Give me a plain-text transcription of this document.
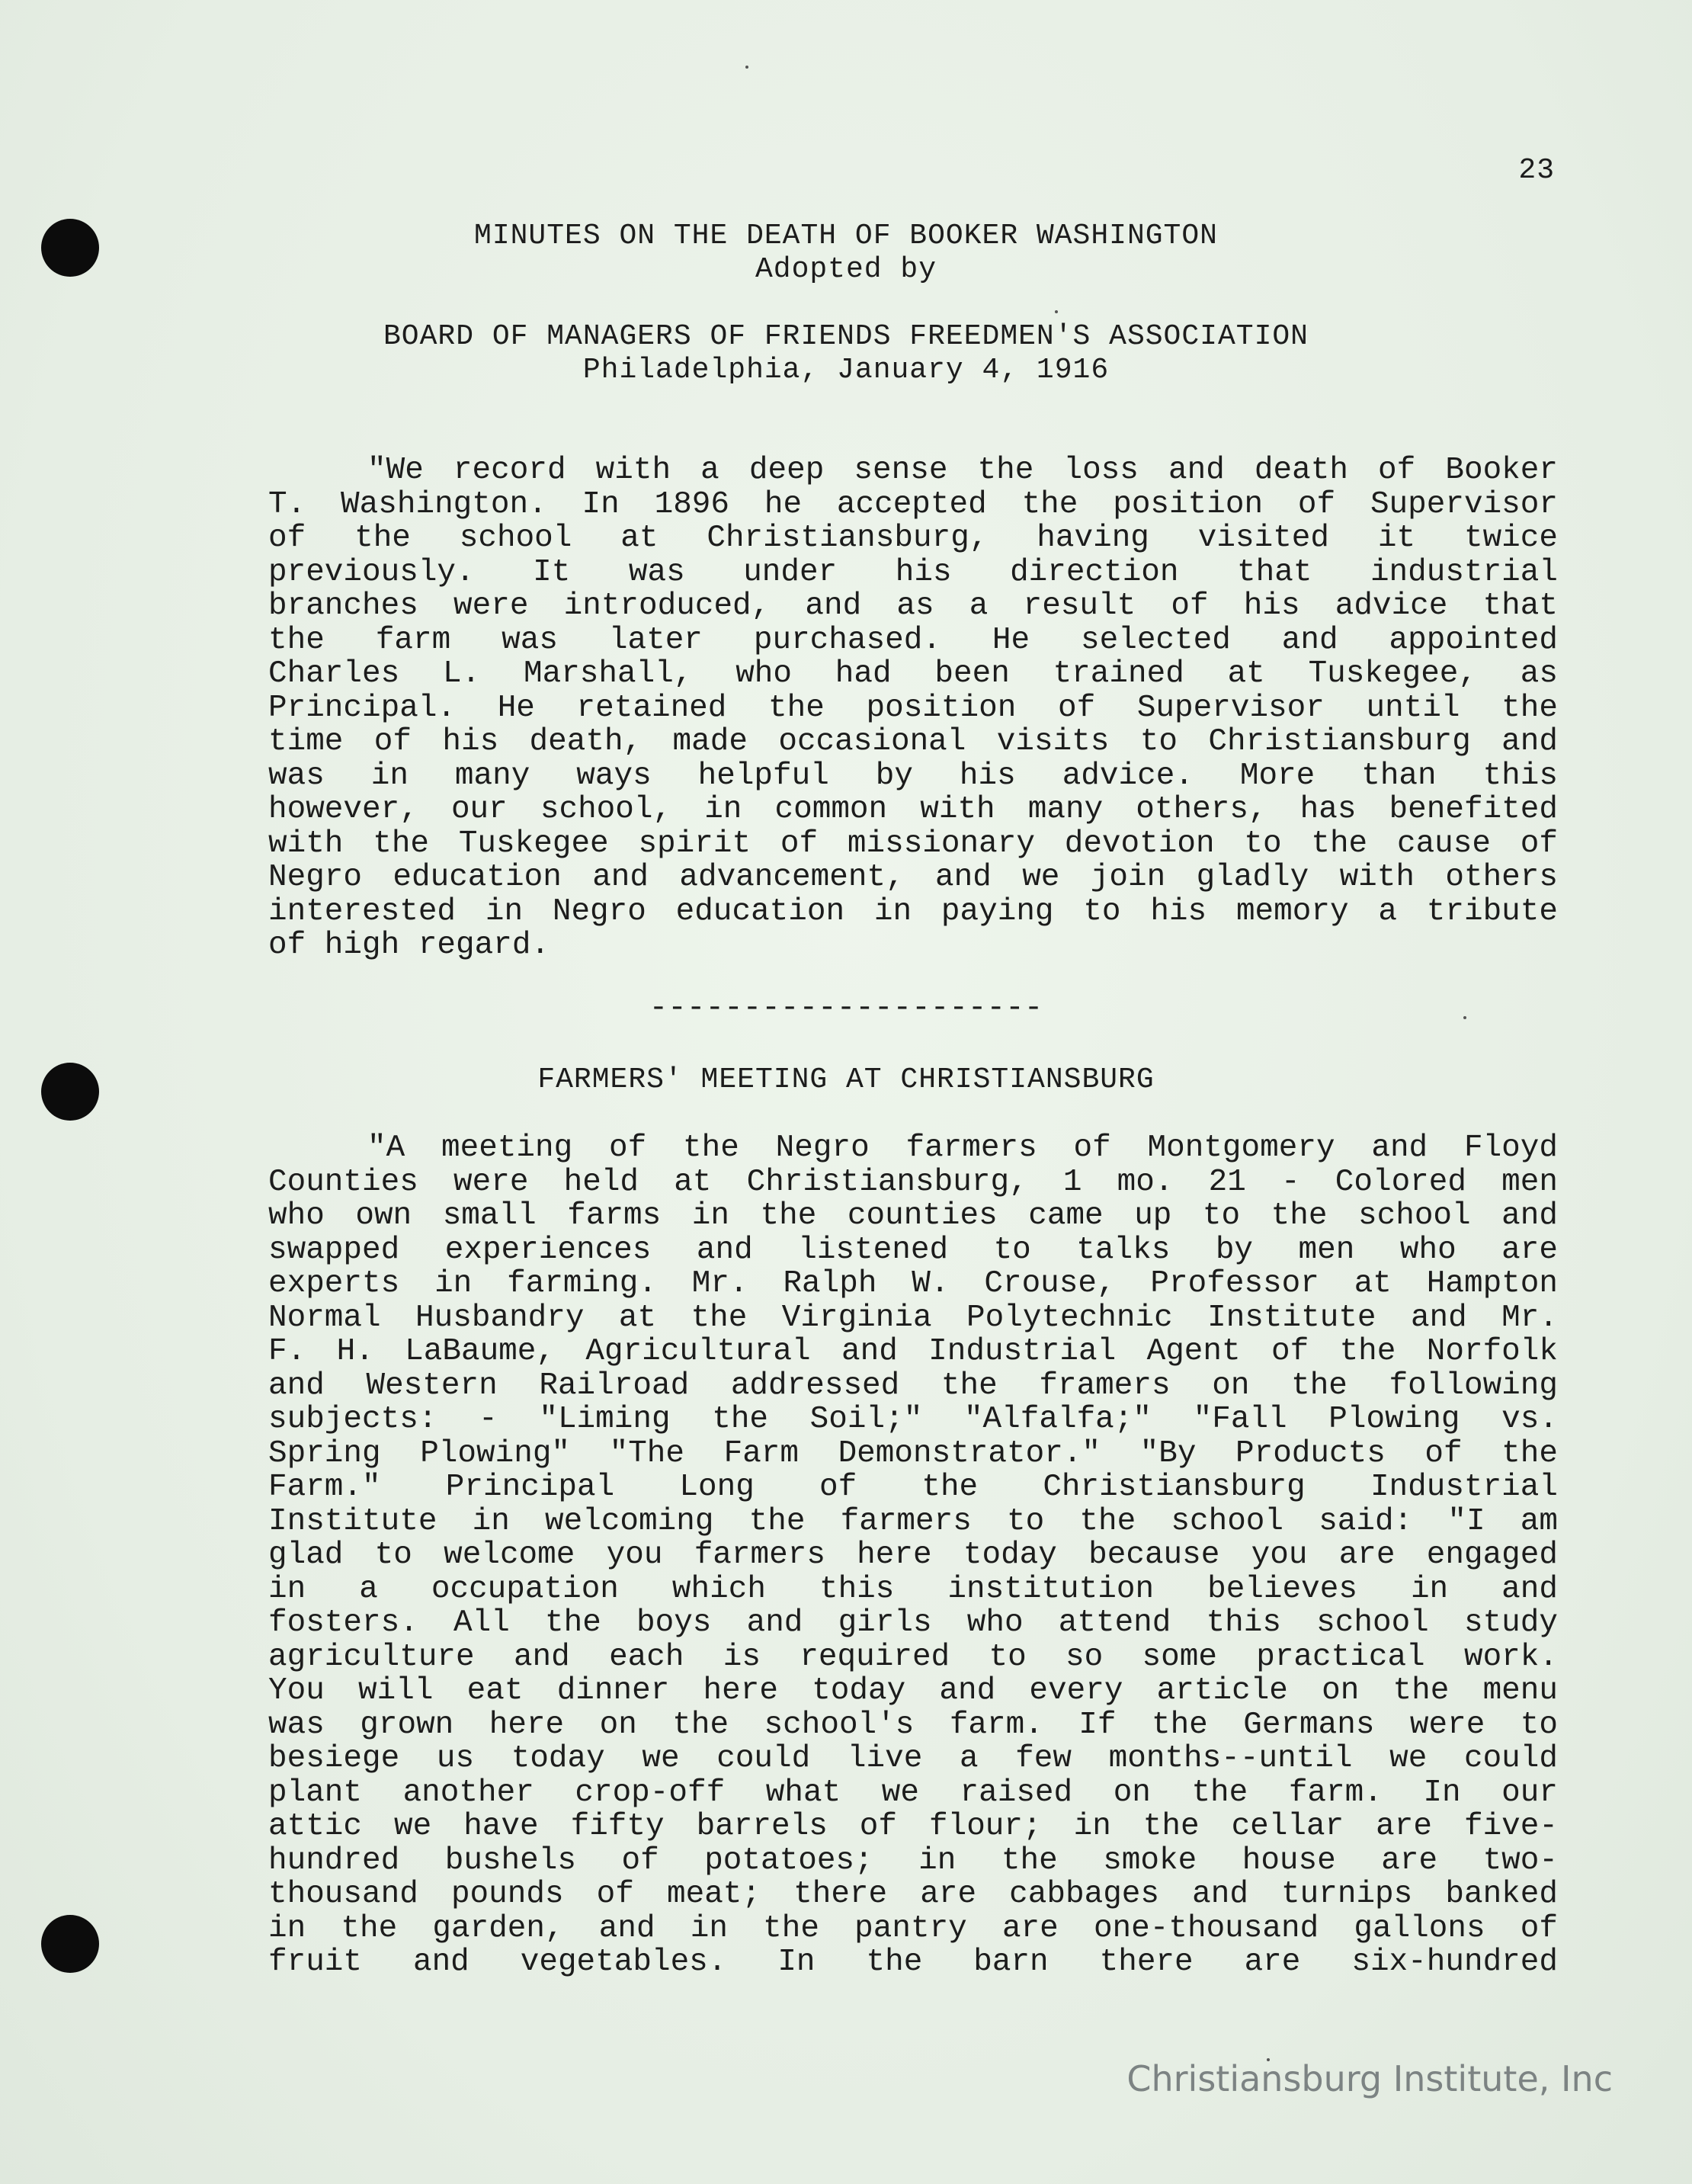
23
MINUTES ON THE DEATH OF BOOKER WASHINGTON
Adopted by
BOARD OF MANAGERS OF FRIENDS FREEDMEN'S ASSOCIATION
Philadelphia, January 4, 1916
"We record with a deep sense the loss and death of Booker
T. Washington. In 1896 he accepted the position of Supervisor
of the school at Christiansburg, having visited it twice
previously. It was under his direction that industrial
branches were introduced, and as a result of his advice that
the farm was later purchased. He selected and appointed
Charles L. Marshall, who had been trained at Tuskegee, as
Principal. He retained the position of Supervisor until the
time of his death, made occasional visits to Christiansburg and
was in many ways helpful by his advice. More than this
however, our school, in common with many others, has benefited
with the Tuskegee spirit of missionary devotion to the cause of
Negro education and advancement, and we join gladly with others
interested in Negro education in paying to his memory a tribute
of high regard.
---------------------
FARMERS' MEETING AT CHRISTIANSBURG
"A meeting of the Negro farmers of Montgomery and Floyd
Counties were held at Christiansburg, 1 mo. 21 - Colored men
who own small farms in the counties came up to the school and
swapped experiences and listened to talks by men who are
experts in farming. Mr. Ralph W. Crouse, Professor at Hampton
Normal Husbandry at the Virginia Polytechnic Institute and Mr.
F. H. LaBaume, Agricultural and Industrial Agent of the Norfolk
and Western Railroad addressed the framers on the following
subjects: - "Liming the Soil;" "Alfalfa;" "Fall Plowing vs.
Spring Plowing" "The Farm Demonstrator." "By Products of the
Farm." Principal Long of the Christiansburg Industrial
Institute in welcoming the farmers to the school said: "I am
glad to welcome you farmers here today because you are engaged
in a occupation which this institution believes in and
fosters. All the boys and girls who attend this school study
agriculture and each is required to so some practical work.
You will eat dinner here today and every article on the menu
was grown here on the school's farm. If the Germans were to
besiege us today we could live a few months--until we could
plant another crop-off what we raised on the farm. In our
attic we have fifty barrels of flour; in the cellar are five-
hundred bushels of potatoes; in the smoke house are two-
thousand pounds of meat; there are cabbages and turnips banked
in the garden, and in the pantry are one-thousand gallons of
fruit and vegetables. In the barn there are six-hundred
Christiansburg Institute, Inc
